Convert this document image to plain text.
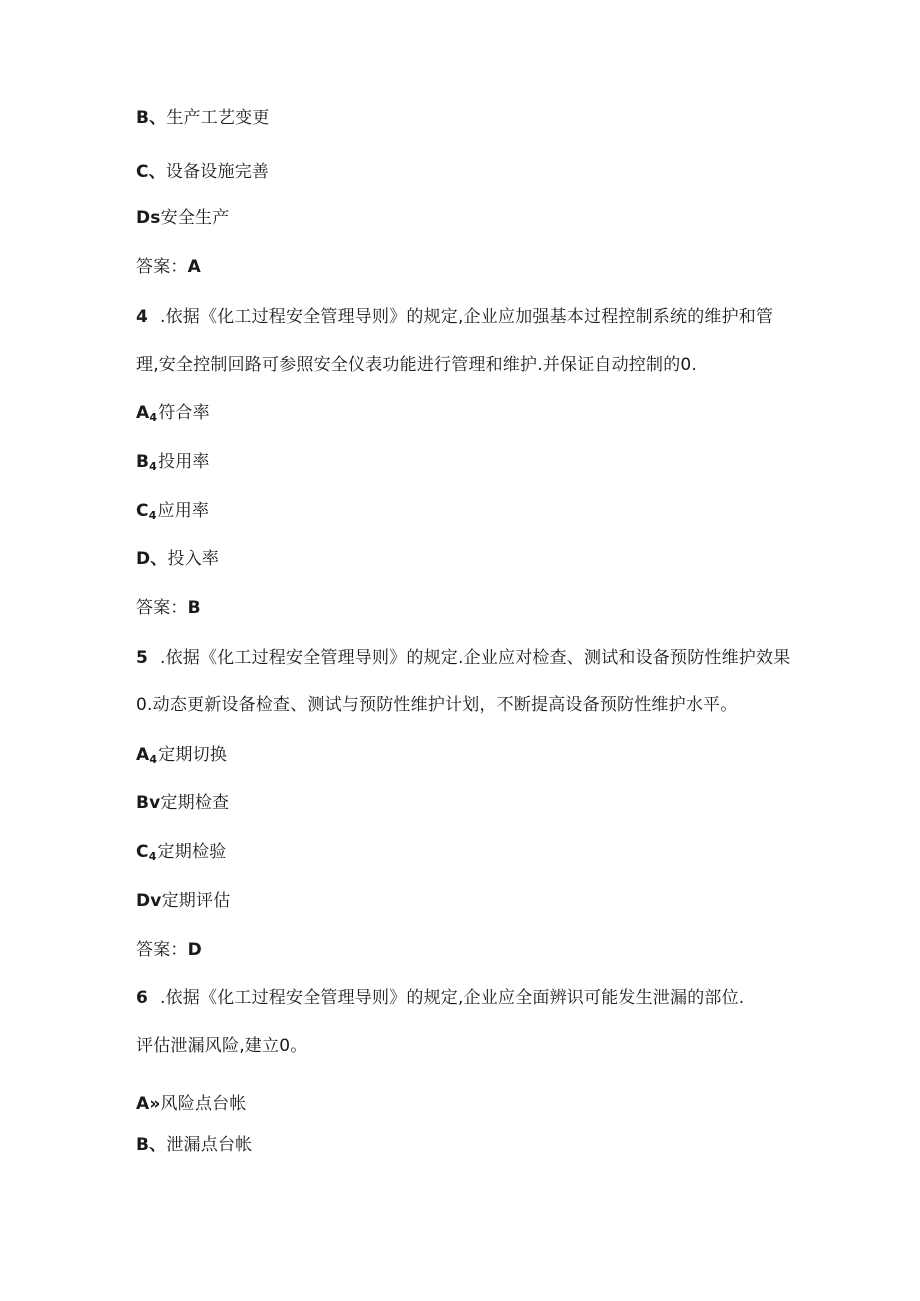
B、生产工艺变更
C、设备设施完善
Ds安全生产
答案：A
4 .依据《化工过程安全管理导则》的规定,企业应加强基本过程控制系统的维护和管
理,安全控制回路可参照安全仪表功能进行管理和维护.并保证自动控制的0.
$A_4$符合率
$B_4$投用率
$C_4$应用率
D、投入率
答案：B
5 .依据《化工过程安全管理导则》的规定.企业应对检查、测试和设备预防性维护效果
0.动态更新设备检查、测试与预防性维护计划，不断提高设备预防性维护水平。
$A_4$定期切换
Bv定期检查
$C_4$定期检验
Dv定期评估
答案：D
6 .依据《化工过程安全管理导则》的规定,企业应全面辨识可能发生泄漏的部位.
评估泄漏风险,建立0。
A»风险点台帐
B、泄漏点台帐
